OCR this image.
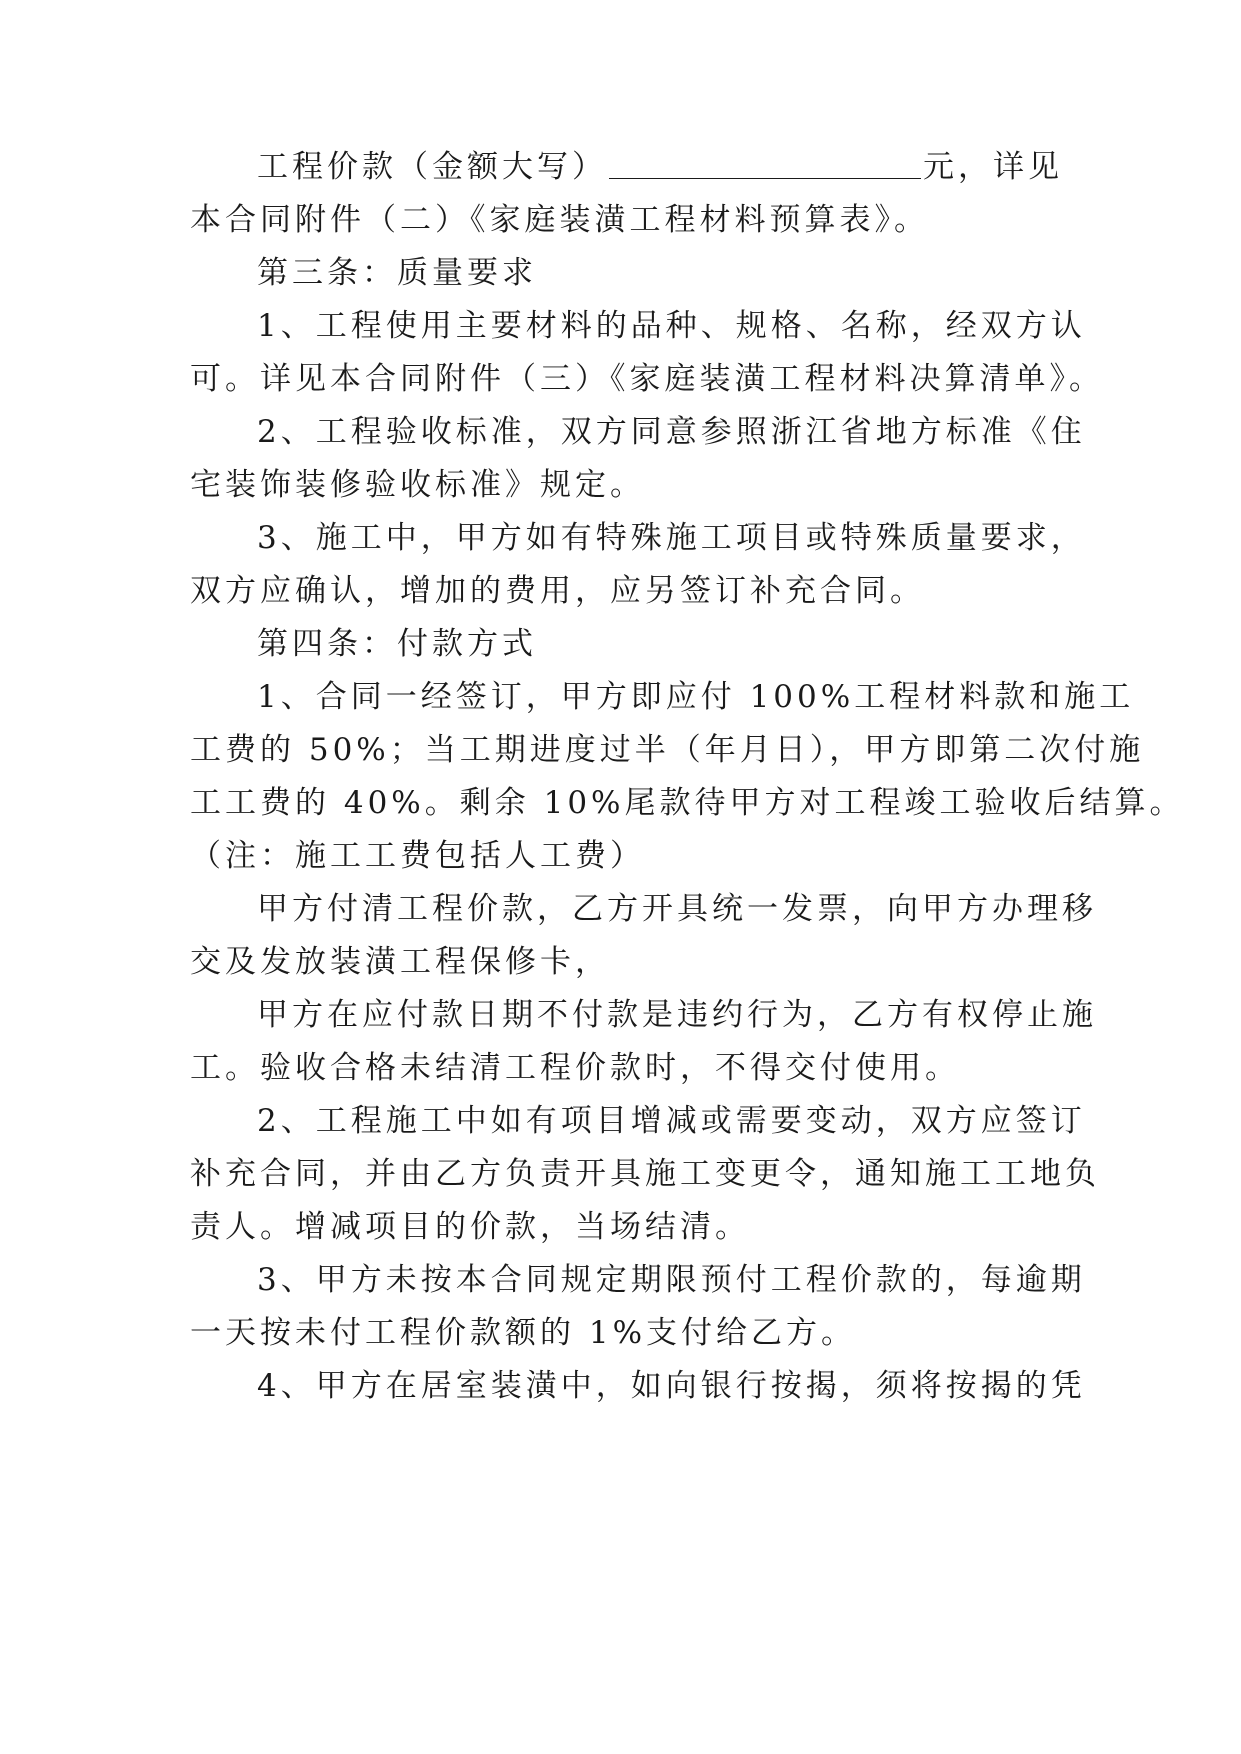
工程价款（金额大写）	元，详见
本合同附件（二）《家庭装潢工程材料预算表》。
第三条：质量要求
1、工程使用主要材料的品种、规格、名称，经双方认
可。详见本合同附件（三）《家庭装潢工程材料决算清单》。
2、工程验收标准，双方同意参照浙江省地方标准《住
宅装饰装修验收标准》规定。
3、施工中，甲方如有特殊施工项目或特殊质量要求，
双方应确认，增加的费用，应另签订补充合同。
第四条：付款方式
1、合同一经签订，甲方即应付 100%工程材料款和施工
工费的 50%；当工期进度过半（年月日），甲方即第二次付施
工工费的 40%。剩余 10%尾款待甲方对工程竣工验收后结算。
（注：施工工费包括人工费）
甲方付清工程价款，乙方开具统一发票，向甲方办理移
交及发放装潢工程保修卡，
甲方在应付款日期不付款是违约行为，乙方有权停止施
工。验收合格未结清工程价款时，不得交付使用。
2、工程施工中如有项目增减或需要变动，双方应签订
补充合同，并由乙方负责开具施工变更令，通知施工工地负
责人。增减项目的价款，当场结清。
3、甲方未按本合同规定期限预付工程价款的，每逾期
一天按未付工程价款额的 1%支付给乙方。
4、甲方在居室装潢中，如向银行按揭，须将按揭的凭
